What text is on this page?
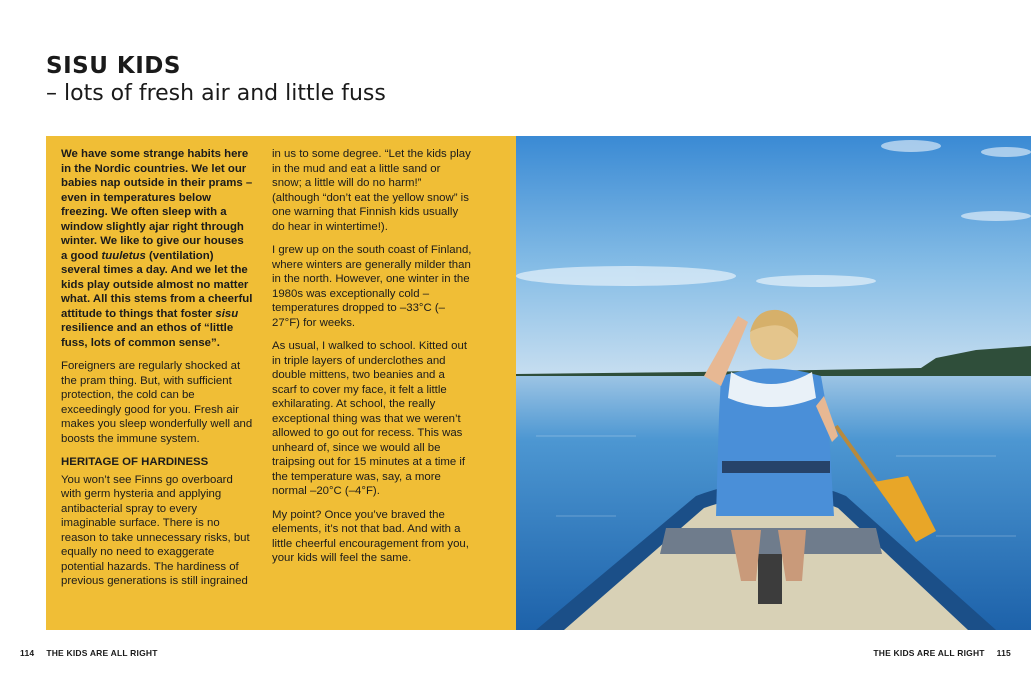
SISU KIDS
– lots of fresh air and little fuss

We have some strange habits here in the Nordic countries. We let our babies nap outside in their prams – even in temperatures below freezing. We often sleep with a window slightly ajar right through winter. We like to give our houses a good tuuletus (ventilation) several times a day. And we let the kids play outside almost no matter what. All this stems from a cheerful attitude to things that foster sisu resilience and an ethos of “little fuss, lots of common sense”.

Foreigners are regularly shocked at the pram thing. But, with sufficient protection, the cold can be exceedingly good for you. Fresh air makes you sleep wonderfully well and boosts the immune system.

HERITAGE OF HARDINESS

You won’t see Finns go overboard with germ hysteria and applying antibacterial spray to every imaginable surface. There is no reason to take unnecessary risks, but equally no need to exaggerate potential hazards. The hardiness of previous generations is still ingrained

in us to some degree. “Let the kids play in the mud and eat a little sand or snow; a little will do no harm!” (although “don’t eat the yellow snow” is one warning that Finnish kids usually do hear in wintertime!).

I grew up on the south coast of Finland, where winters are generally milder than in the north. However, one winter in the 1980s was exceptionally cold – temperatures dropped to –33°C (–27°F) for weeks.

As usual, I walked to school. Kitted out in triple layers of underclothes and double mittens, two beanies and a scarf to cover my face, it felt a little exhilarating. At school, the really exceptional thing was that we weren’t allowed to go out for recess. This was unheard of, since we would all be traipsing out for 15 minutes at a time if the temperature was, say, a more normal –20°C (–4°F).

My point? Once you’ve braved the elements, it’s not that bad. And with a little cheerful encouragement from you, your kids will feel the same.

114 THE KIDS ARE ALL RIGHT	THE KIDS ARE ALL RIGHT 115
